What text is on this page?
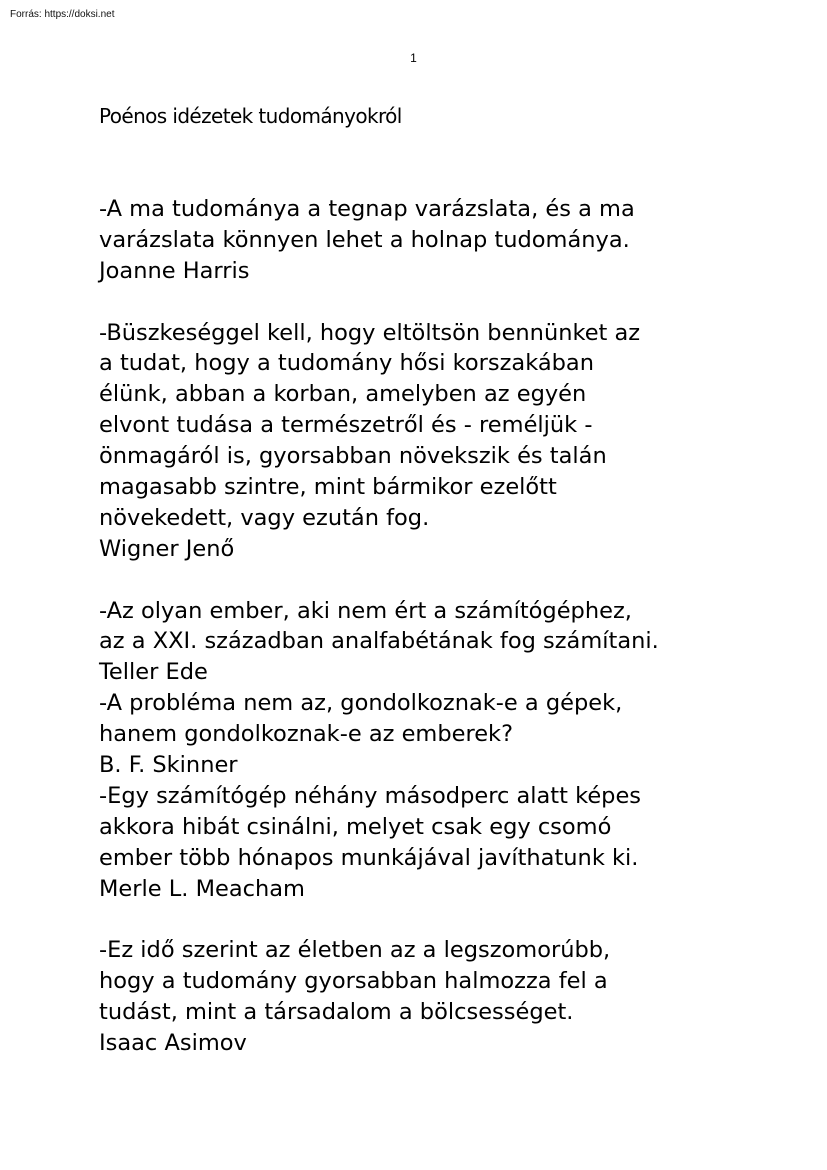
Forrás: https://doksi.net
1
Poénos idézetek tudományokról
-A ma tudománya a tegnap varázslata, és a ma
varázslata könnyen lehet a holnap tudománya.
Joanne Harris
-Büszkeséggel kell, hogy eltöltsön bennünket az
a tudat, hogy a tudomány hősi korszakában
élünk, abban a korban, amelyben az egyén
elvont tudása a természetről és - reméljük -
önmagáról is, gyorsabban növekszik és talán
magasabb szintre, mint bármikor ezelőtt
növekedett, vagy ezután fog.
Wigner Jenő
-Az olyan ember, aki nem ért a számítógéphez,
az a XXI. században analfabétának fog számítani.
Teller Ede
-A probléma nem az, gondolkoznak-e a gépek,
hanem gondolkoznak-e az emberek?
B. F. Skinner
-Egy számítógép néhány másodperc alatt képes
akkora hibát csinálni, melyet csak egy csomó
ember több hónapos munkájával javíthatunk ki.
Merle L. Meacham
-Ez idő szerint az életben az a legszomorúbb,
hogy a tudomány gyorsabban halmozza fel a
tudást, mint a társadalom a bölcsességet.
Isaac Asimov
